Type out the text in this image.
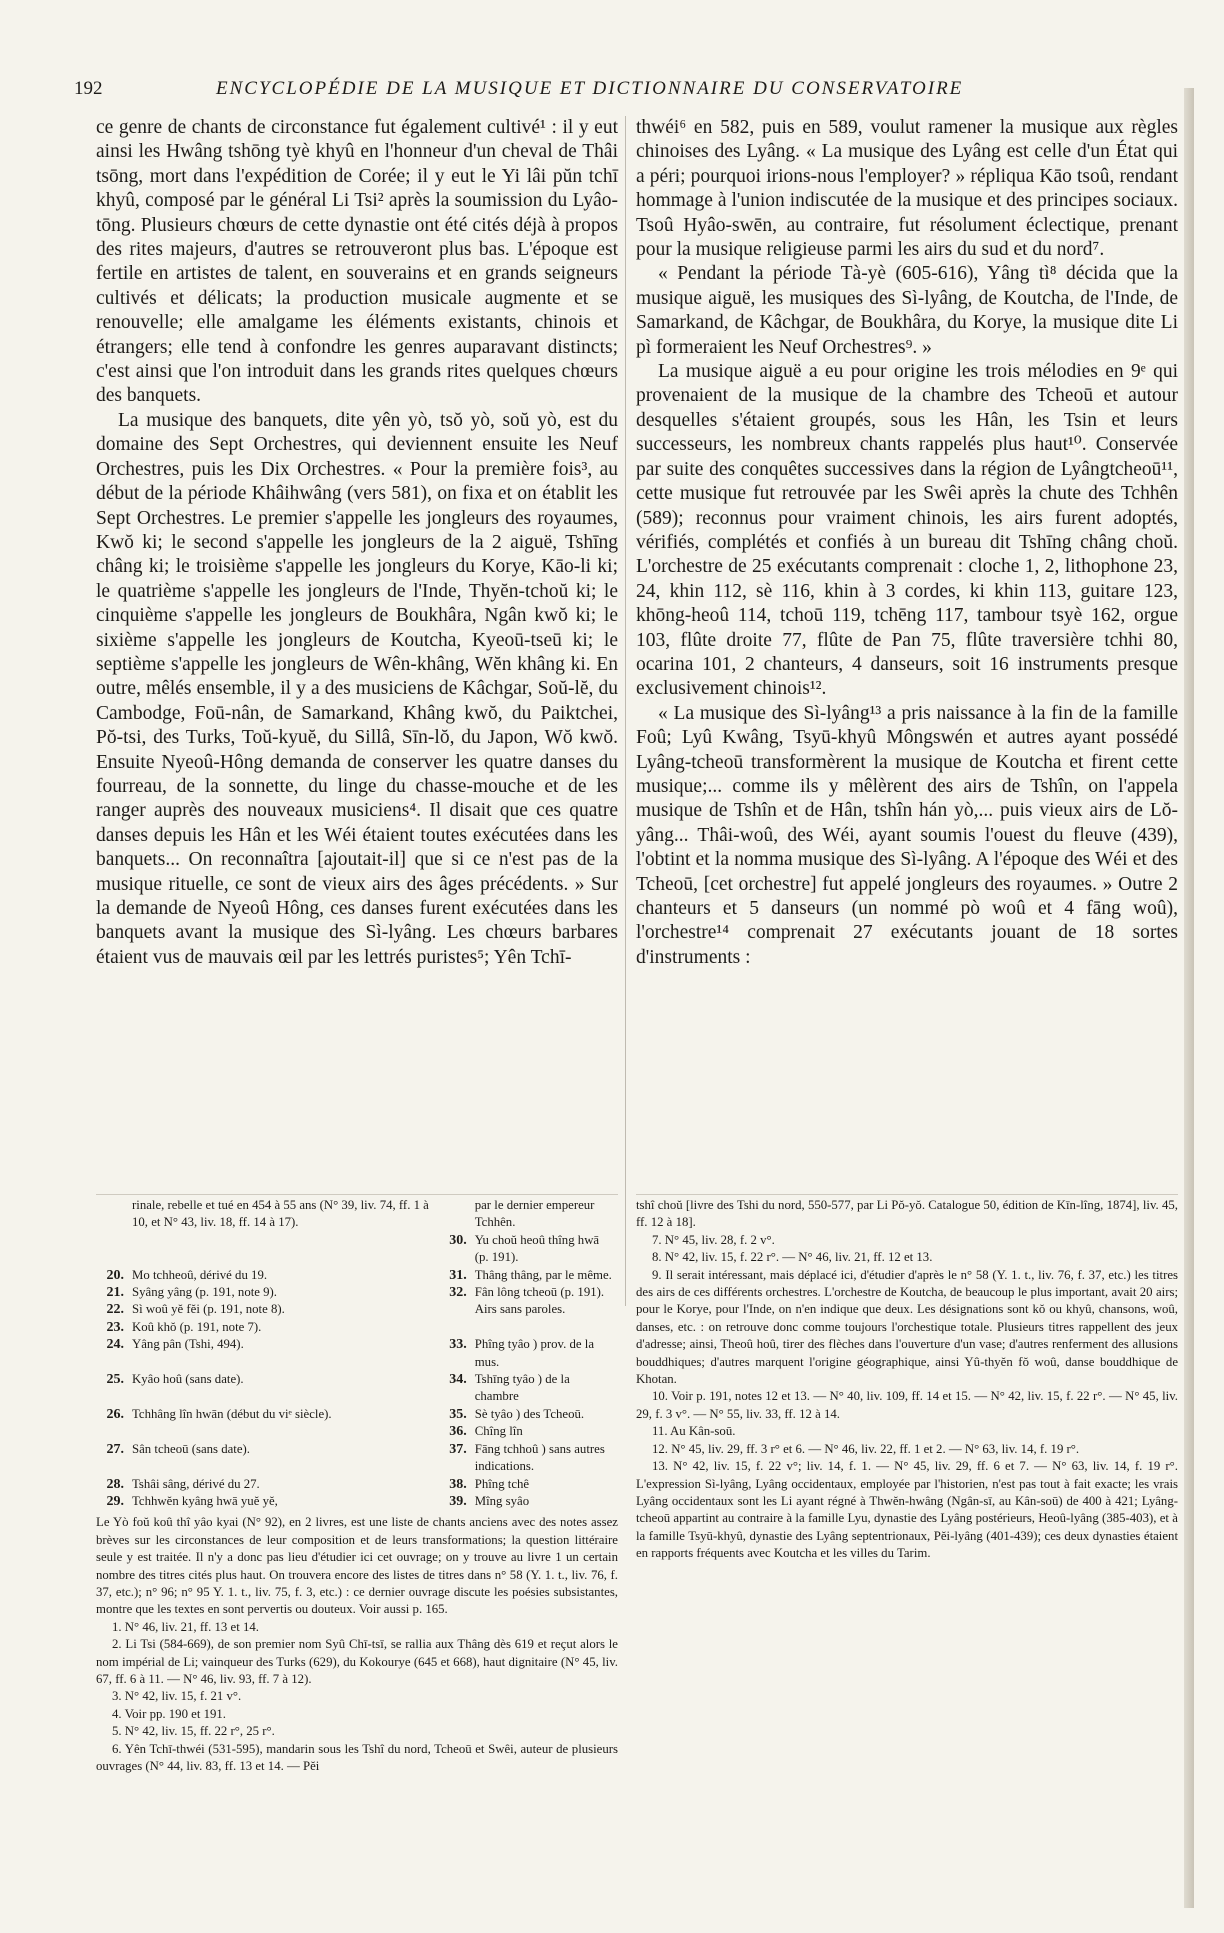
192	ENCYCLOPÉDIE DE LA MUSIQUE ET DICTIONNAIRE DU CONSERVATOIRE

ce genre de chants de circonstance fut également cultivé¹ : il y eut ainsi les Hwâng tshōng tyè khyû en l'honneur d'un cheval de Thâi tsōng, mort dans l'expédition de Corée; il y eut le Yi lâi pŭn tchī khyû, composé par le général Li Tsi² après la soumission du Lyâo-tōng. Plusieurs chœurs de cette dynastie ont été cités déjà à propos des rites majeurs, d'autres se retrouveront plus bas. L'époque est fertile en artistes de talent, en souverains et en grands seigneurs cultivés et délicats; la production musicale augmente et se renouvelle; elle amalgame les éléments existants, chinois et étrangers; elle tend à confondre les genres auparavant distincts; c'est ainsi que l'on introduit dans les grands rites quelques chœurs des banquets.

La musique des banquets, dite yên yò, tsŏ yò, soŭ yò, est du domaine des Sept Orchestres, qui deviennent ensuite les Neuf Orchestres, puis les Dix Orchestres. « Pour la première fois³, au début de la période Khâihwâng (vers 581), on fixa et on établit les Sept Orchestres. Le premier s'appelle les jongleurs des royaumes, Kwŏ ki; le second s'appelle les jongleurs de la 2 aiguë, Tshīng châng ki; le troisième s'appelle les jongleurs du Korye, Kāo-li ki; le quatrième s'appelle les jongleurs de l'Inde, Thyĕn-tchoŭ ki; le cinquième s'appelle les jongleurs de Boukhâra, Ngân kwŏ ki; le sixième s'appelle les jongleurs de Koutcha, Kyeoū-tseū ki; le septième s'appelle les jongleurs de Wên-khâng, Wĕn khâng ki. En outre, mêlés ensemble, il y a des musiciens de Kâchgar, Soŭ-lĕ, du Cambodge, Foū-nân, de Samarkand, Khâng kwŏ, du Paiktchei, Pŏ-tsi, des Turks, Toŭ-kyuĕ, du Sillâ, Sīn-lŏ, du Japon, Wŏ kwŏ. Ensuite Nyeoû-Hông demanda de conserver les quatre danses du fourreau, de la sonnette, du linge du chasse-mouche et de les ranger auprès des nouveaux musiciens⁴. Il disait que ces quatre danses depuis les Hân et les Wéi étaient toutes exécutées dans les banquets... On reconnaîtra [ajoutait-il] que si ce n'est pas de la musique rituelle, ce sont de vieux airs des âges précédents. » Sur la demande de Nyeoû Hông, ces danses furent exécutées dans les banquets avant la musique des Sì-lyâng. Les chœurs barbares étaient vus de mauvais œil par les lettrés puristes⁵; Yên Tchī-

thwéi⁶ en 582, puis en 589, voulut ramener la musique aux règles chinoises des Lyâng. « La musique des Lyâng est celle d'un État qui a péri; pourquoi irions-nous l'employer? » répliqua Kāo tsoû, rendant hommage à l'union indiscutée de la musique et des principes sociaux. Tsoû Hyâo-swēn, au contraire, fut résolument éclectique, prenant pour la musique religieuse parmi les airs du sud et du nord⁷.

« Pendant la période Tà-yè (605-616), Yâng tì⁸ décida que la musique aiguë, les musiques des Sì-lyâng, de Koutcha, de l'Inde, de Samarkand, de Kâchgar, de Boukhâra, du Korye, la musique dite Li pì formeraient les Neuf Orchestres⁹. »

La musique aiguë a eu pour origine les trois mélodies en 9ᵉ qui provenaient de la musique de la chambre des Tcheoū et autour desquelles s'étaient groupés, sous les Hân, les Tsin et leurs successeurs, les nombreux chants rappelés plus haut¹⁰. Conservée par suite des conquêtes successives dans la région de Lyângtcheoū¹¹, cette musique fut retrouvée par les Swêi après la chute des Tchhên (589); reconnus pour vraiment chinois, les airs furent adoptés, vérifiés, complétés et confiés à un bureau dit Tshīng châng choŭ. L'orchestre de 25 exécutants comprenait : cloche 1, 2, lithophone 23, 24, khin 112, sè 116, khin à 3 cordes, ki khin 113, guitare 123, khōng-heoû 114, tchoū 119, tchēng 117, tambour tsyè 162, orgue 103, flûte droite 77, flûte de Pan 75, flûte traversière tchhi 80, ocarina 101, 2 chanteurs, 4 danseurs, soit 16 instruments presque exclusivement chinois¹².

« La musique des Sì-lyâng¹³ a pris naissance à la fin de la famille Foû; Lyû Kwâng, Tsyū-khyû Môngswén et autres ayant possédé Lyâng-tcheoū transformèrent la musique de Koutcha et firent cette musique;... comme ils y mêlèrent des airs de Tshîn, on l'appela musique de Tshîn et de Hân, tshîn hán yò,... puis vieux airs de Lŏ-yâng... Thâi-woû, des Wéi, ayant soumis l'ouest du fleuve (439), l'obtint et la nomma musique des Sì-lyâng. A l'époque des Wéi et des Tcheoū, [cet orchestre] fut appelé jongleurs des royaumes. » Outre 2 chanteurs et 5 danseurs (un nommé pò woû et 4 fāng woû), l'orchestre¹⁴ comprenait 27 exécutants jouant de 18 sortes d'instruments :

	rinale, rebelle et tué en 454 à 55 ans (N° 39, liv. 74, ff. 1 à 10, et N° 43, liv. 18, ff. 14 à 17).		par le dernier empereur Tchhên.
		30.	Yu choŭ heoû thîng hwā (p. 191).
20.	Mo tchheoû, dérivé du 19.	31.	Thâng thâng, par le même.
21.	Syâng yâng (p. 191, note 9).	32.	Fân lông tcheoū (p. 191).
22.	Sì woû yĕ fĕi (p. 191, note 8).		Airs sans paroles.
23.	Koû khŏ (p. 191, note 7).		
24.	Yâng pân (Tshi, 494).	33.	Phîng tyâo ) prov. de la mus.
25.	Kyâo hoû (sans date).	34.	Tshīng tyâo ) de la chambre
26.	Tchhâng lîn hwān (début du viᵉ siècle).	35.	Sè tyâo ) des Tcheoū.
		36.	Chîng lîn
27.	Sân tcheoū (sans date).	37.	Fāng tchhoû ) sans autres indications.
28.	Tshâi sâng, dérivé du 27.	38.	Phîng tchê
29.	Tchhwĕn kyâng hwā yuĕ yĕ,	39.	Mîng syâo

Le Yò foŭ koû thî yâo kyai (N° 92), en 2 livres, est une liste de chants anciens avec des notes assez brèves sur les circonstances de leur composition et de leurs transformations; la question littéraire seule y est traitée. Il n'y a donc pas lieu d'étudier ici cet ouvrage; on y trouve au livre 1 un certain nombre des titres cités plus haut. On trouvera encore des listes de titres dans n° 58 (Y. 1. t., liv. 76, f. 37, etc.); n° 96; n° 95 Y. 1. t., liv. 75, f. 3, etc.) : ce dernier ouvrage discute les poésies subsistantes, montre que les textes en sont pervertis ou douteux. Voir aussi p. 165.

1. N° 46, liv. 21, ff. 13 et 14.

2. Li Tsi (584-669), de son premier nom Syû Chī-tsī, se rallia aux Thâng dès 619 et reçut alors le nom impérial de Li; vainqueur des Turks (629), du Kokourye (645 et 668), haut dignitaire (N° 45, liv. 67, ff. 6 à 11. — N° 46, liv. 93, ff. 7 à 12).

3. N° 42, liv. 15, f. 21 v°.

4. Voir pp. 190 et 191.

5. N° 42, liv. 15, ff. 22 r°, 25 r°.

6. Yên Tchī-thwéi (531-595), mandarin sous les Tshî du nord, Tcheoū et Swêi, auteur de plusieurs ouvrages (N° 44, liv. 83, ff. 13 et 14. — Pĕi

tshî choŭ [livre des Tshi du nord, 550-577, par Li Pŏ-yŏ. Catalogue 50, édition de Kīn-lîng, 1874], liv. 45, ff. 12 à 18].

7. N° 45, liv. 28, f. 2 v°.

8. N° 42, liv. 15, f. 22 r°. — N° 46, liv. 21, ff. 12 et 13.

9. Il serait intéressant, mais déplacé ici, d'étudier d'après le n° 58 (Y. 1. t., liv. 76, f. 37, etc.) les titres des airs de ces différents orchestres. L'orchestre de Koutcha, de beaucoup le plus important, avait 20 airs; pour le Korye, pour l'Inde, on n'en indique que deux. Les désignations sont kŏ ou khyû, chansons, woû, danses, etc. : on retrouve donc comme toujours l'orchestique totale. Plusieurs titres rappellent des jeux d'adresse; ainsi, Theoû hoû, tirer des flèches dans l'ouverture d'un vase; d'autres renferment des allusions bouddhiques; d'autres marquent l'origine géographique, ainsi Yû-thyĕn fŏ woû, danse bouddhique de Khotan.

10. Voir p. 191, notes 12 et 13. — N° 40, liv. 109, ff. 14 et 15. — N° 42, liv. 15, f. 22 r°. — N° 45, liv. 29, f. 3 v°. — N° 55, liv. 33, ff. 12 à 14.

11. Au Kân-soū.

12. N° 45, liv. 29, ff. 3 r° et 6. — N° 46, liv. 22, ff. 1 et 2. — N° 63, liv. 14, f. 19 r°.

13. N° 42, liv. 15, f. 22 v°; liv. 14, f. 1. — N° 45, liv. 29, ff. 6 et 7. — N° 63, liv. 14, f. 19 r°. L'expression Sì-lyâng, Lyâng occidentaux, employée par l'historien, n'est pas tout à fait exacte; les vrais Lyâng occidentaux sont les Li ayant régné à Thwĕn-hwâng (Ngân-sī, au Kân-soū) de 400 à 421; Lyâng-tcheoū appartint au contraire à la famille Lyu, dynastie des Lyâng postérieurs, Heoû-lyâng (385-403), et à la famille Tsyū-khyû, dynastie des Lyâng septentrionaux, Pĕi-lyâng (401-439); ces deux dynasties étaient en rapports fréquents avec Koutcha et les villes du Tarim.
